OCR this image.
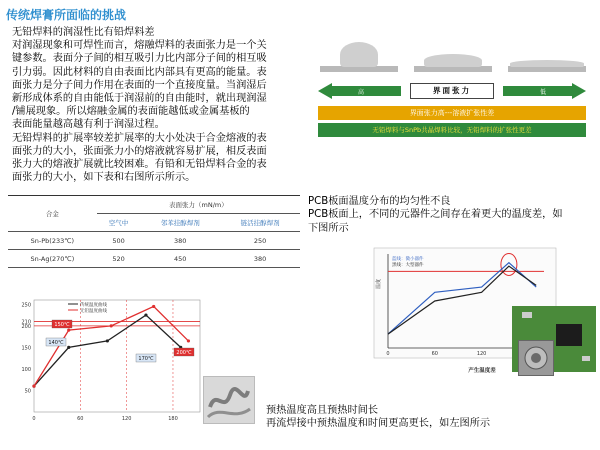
传统焊膏所面临的挑战
无铅焊料的润湿性比有铅焊料差
对润湿现象和可焊性而言，熔融焊料的表面张力是一个关
键参数。表面分子间的相互吸引力比内部分子间的相互吸
引力弱。因此材料的自由表面比内部具有更高的能量。表
面张力是分子间力作用在表面的一个直接度量。当润湿后
新形成体系的自由能低于润湿前的自由能时，就出现润湿
/铺展现象。所以熔融金属的表面能越低或金属基板的
表面能量越高越有利于润湿过程。
无铅焊料的扩展率较差扩展率的大小处决于合金熔液的表
面张力的大小，张面张力小的熔液就容易扩展，相反表面
张力大的熔液扩展就比较困难。有铅和无铅焊料合金的表
面张力的大小，如下表和右图所示所示。
合金	表面张力（mN/m）		
	空气中	邻苯挂醇焊剂	链活挂醇焊剂
Sn-Pb(233℃)	500	380	250
Sn-Ag(270℃)	520	450	380
高	界面张力	低
界面张力高---溶液扩张性差
无铅焊料与SnPb共晶焊料比较，无铅焊料的扩张性更差
PCB板面温度分布的均匀性不良
PCB板面上，不同的元器件之间存在着更大的温度差，如
下图所示
250
210
200
150
100
50
0	60	120	180
150℃
140℃
170℃
200℃
传统温度曲线
无铅温度曲线
0	60	120
温度
产生温度差
蓝线：微小器件
黑线：大型器件
预热温度高且预热时间长
再流焊接中预热温度和时间更高更长，如左图所示
